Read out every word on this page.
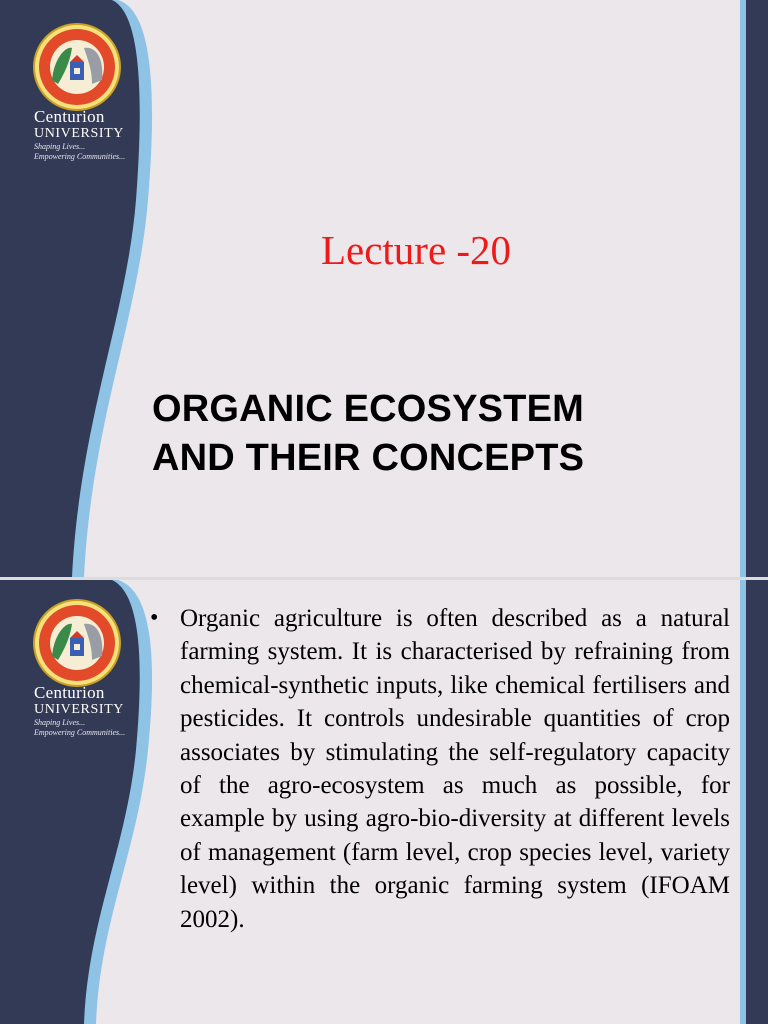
Centurion
UNIVERSITY
Shaping Lives...
Empowering Communities...
Lecture -20
ORGANIC ECOSYSTEM
AND THEIR CONCEPTS
Centurion
UNIVERSITY
Shaping Lives...
Empowering Communities...
• Organic agriculture is often described as a natural farming system. It is characterised by refraining from chemical-synthetic inputs, like chemical fertilisers and pesticides. It controls undesirable quantities of crop associates by stimulating the self-regulatory capacity of the agro-ecosystem as much as possible, for example by using agro-bio-diversity at different levels of management (farm level, crop species level, variety level) within the organic farming system (IFOAM 2002).
